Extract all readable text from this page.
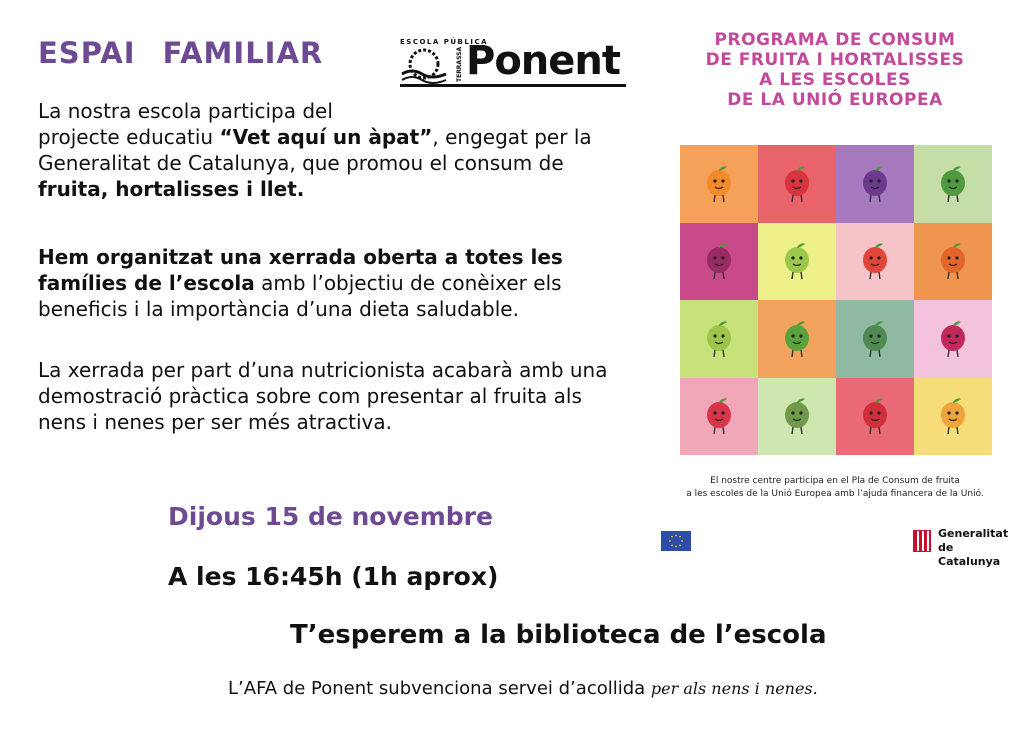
ESPAI FAMILIAR	ESCOLA PÚBLICA
TERRASSA Ponent
La nostra escola participa del
projecte educatiu “Vet aquí un àpat”, engegat per la Generalitat de Catalunya, que promou el consum de fruita, hortalisses i llet.
Hem organitzat una xerrada oberta a totes les famílies de l’escola amb l’objectiu de conèixer els beneficis i la importància d’una dieta saludable.
La xerrada per part d’una nutricionista acabarà amb una demostració pràctica sobre com presentar al fruita als nens i nenes per ser més atractiva.
Dijous 15 de novembre
A les 16:45h (1h aprox)
T’esperem a la biblioteca de l’escola
L’AFA de Ponent subvenciona servei d’acollida per als nens i nenes.
PROGRAMA DE CONSUM
DE FRUITA I HORTALISSES
A LES ESCOLES
DE LA UNIÓ EUROPEA
El nostre centre participa en el Pla de Consum de fruita
a les escoles de la Unió Europea amb l’ajuda financera de la Unió.
Generalitat
de Catalunya
